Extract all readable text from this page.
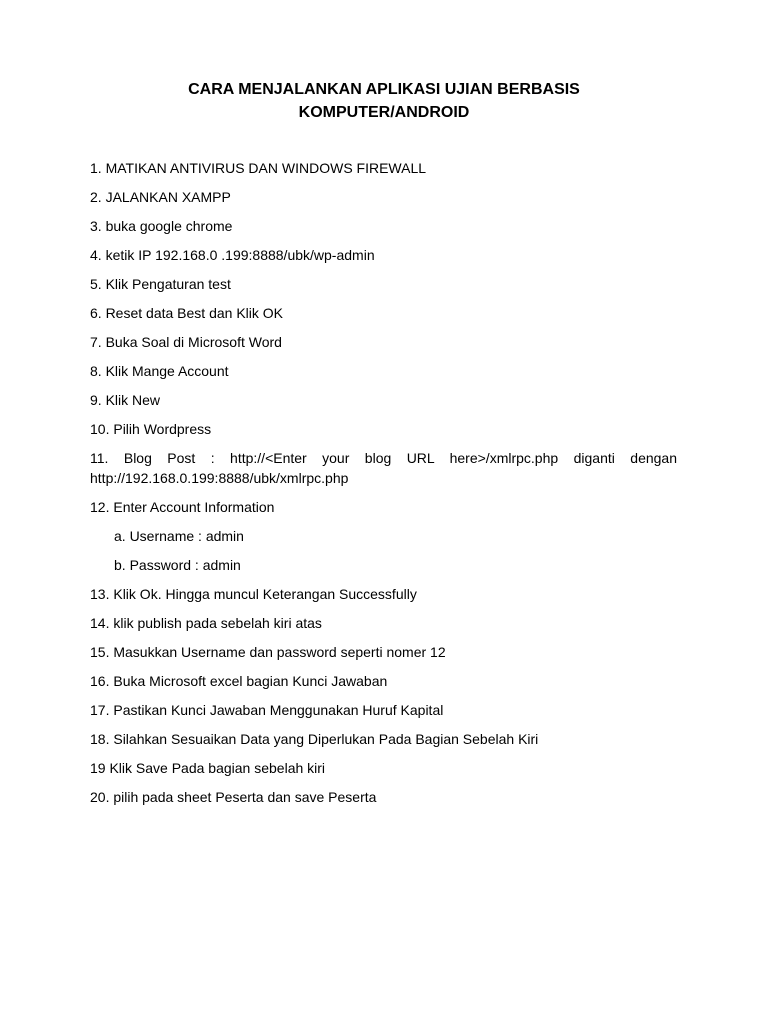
CARA MENJALANKAN APLIKASI UJIAN BERBASIS
KOMPUTER/ANDROID
1. MATIKAN ANTIVIRUS DAN WINDOWS FIREWALL
2. JALANKAN XAMPP
3. buka google chrome
4. ketik IP 192.168.0 .199:8888/ubk/wp-admin
5. Klik Pengaturan test
6. Reset data Best dan Klik OK
7. Buka Soal di Microsoft Word
8. Klik Mange Account
9. Klik New
10. Pilih Wordpress
11. Blog Post : http://<Enter your blog URL here>/xmlrpc.php diganti dengan http://192.168.0.199:8888/ubk/xmlrpc.php
12. Enter Account Information
a. Username : admin
b. Password : admin
13. Klik Ok. Hingga muncul Keterangan Successfully
14. klik publish pada sebelah kiri atas
15. Masukkan Username dan password seperti nomer 12
16. Buka Microsoft excel bagian Kunci Jawaban
17. Pastikan Kunci Jawaban Menggunakan Huruf Kapital
18. Silahkan Sesuaikan Data yang Diperlukan Pada Bagian Sebelah Kiri
19 Klik Save Pada bagian sebelah kiri
20. pilih pada sheet Peserta dan save Peserta
